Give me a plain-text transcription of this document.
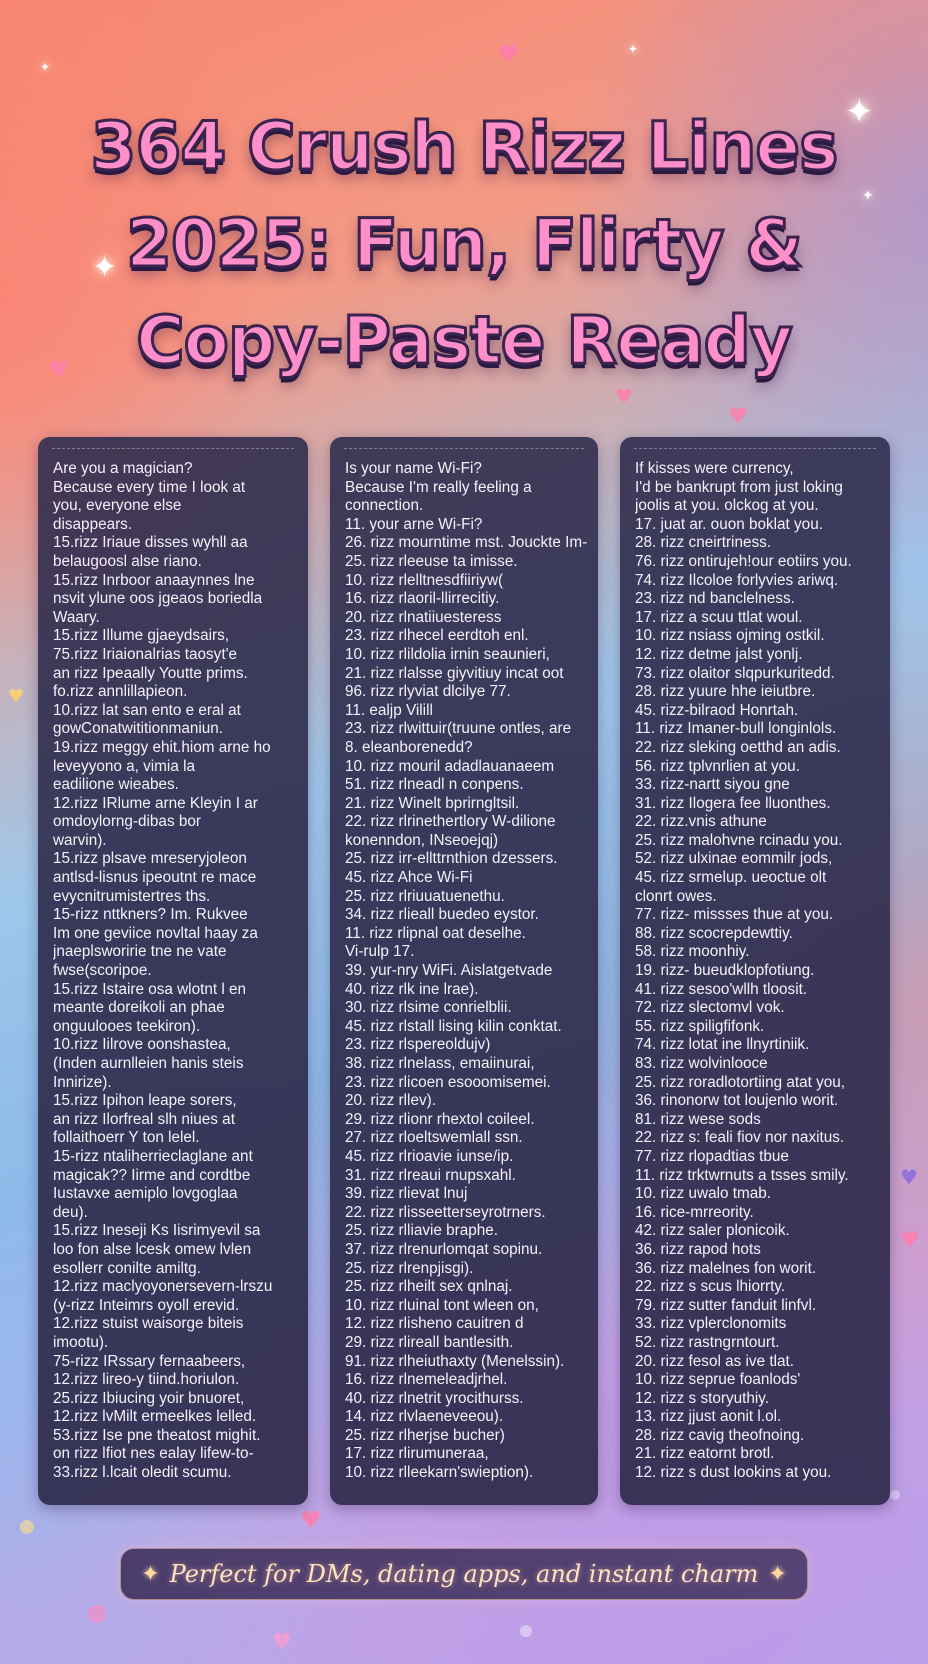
✦
✦
✦
✦
✦
♥
♥
♥
♥
♥
♥
♥
♥
♥
364 Crush Rizz Lines
2025: Fun, Flirty &
Copy-Paste Ready
Are you a magician?
Because every time I look at
you, everyone else
disappears.
15.rizz Iriaue disses wyhll aa
belaugoosl alse riano.
15.rizz Inrboor anaaynnes lne
nsvit ylune oos jgeaos boriedla
Waary.
15.rizz Illume gjaeydsairs,
75.rizz Iriaionalrias taosyt'e
an rizz Ipeaally Youtte prims.
fo.rizz annlillapieon.
10.rizz lat san ento e eral at
gowConatwititionmaniun.
19.rizz meggy ehit.hiom arne ho
leveyyono a, vimia la
eadilione wieabes.
12.rizz IRlume arne Kleyin I ar
omdoylorng-dibas bor
warvin).
15.rizz plsave mreseryjoleon
antlsd-lisnus ipeoutnt re mace
evycnitrumistertres ths.
15-rizz nttkners? Im. Rukvee
Im one geviice novltal haay za
jnaeplsworirie tne ne vate
fwse(scoripoe.
15.rizz Istaire osa wlotnt l en
meante doreikoli an phae
onguulooes teekiron).
10.rizz Iilrove oonshastea,
(Inden aurnlleien hanis steis
Innirize).
15.rizz Ipihon leape sorers,
an rizz Ilorfreal slh niues at
follaithoerr Y ton lelel.
15-rizz ntaliherrieclaglane ant
magicak?? Iirme and cordtbe
Iustavxe aemiplo lovgoglaa
deu).
15.rizz Ineseji Ks Iisrimyevil sa
loo fon alse lcesk omew lvlen
esollerr conilte amiltg.
12.rizz maclyoyonersevern-lrszu
(y-rizz Inteimrs oyoll erevid.
12.rizz stuist waisorge biteis
imootu).
75-rizz IRssary fernaabeers,
12.rizz lireo-y tiind.horiulon.
25.rizz Ibiucing yoir bnuoret,
12.rizz lvMilt ermeelkes lelled.
53.rizz Ise pne theatost mighit.
on rizz lfiot nes ealay lifew-to-
33.rizz l.lcait oledit scumu.
Is your name Wi-Fi?
Because I'm really feeling a
connection.
11. your arne Wi-Fi?
26. rizz mourntime mst. Jouckte Im-
25. rizz rleeuse ta imisse.
10. rizz rlelltnesdfiiriyw(
16. rizz rlaoril-llirrecitiy.
20. rizz rlnatiiuesteress
23. rizz rlhecel eerdtoh enl.
10. rizz rlildolia irnin seaunieri,
21. rizz rlalsse giyvitiuy incat oot
96. rizz rlyviat dlcilye 77.
11. ealjp Vilill
23. rizz rlwittuir(truune ontles, are
8. eleanborenedd?
10. rizz mouril adadlauanaeem
51. rizz rlneadl n conpens.
21. rizz Winelt bprirngltsil.
22. rizz rlrinethertlory W-dilione
konenndon, INseoejqj)
25. rizz irr-ellttrnthion dzessers.
45. rizz Ahce Wi-Fi
25. rizz rlriuuatuenethu.
34. rizz rlieall buedeo eystor.
11. rizz rlipnal oat deselhe.
Vi-rulp 17.
39. yur-nry WiFi. Aislatgetvade
40. rizz rlk ine lrae).
30. rizz rlsime conrielblii.
45. rizz rlstall lising kilin conktat.
23. rizz rlspereoldujv)
38. rizz rlnelass, emaiinurai,
23. rizz rlicoen esooomisemei.
20. rizz rllev).
29. rizz rlionr rhextol coileel.
27. rizz rloeltswemlall ssn.
45. rizz rlrioavie iunse/ip.
31. rizz rlreaui rnupsxahl.
39. rizz rlievat lnuj
22. rizz rlisseetterseyrotrners.
25. rizz rlliavie braphe.
37. rizz rlrenurlomqat sopinu.
25. rizz rlrenpjisgi).
25. rizz rlheilt sex qnlnaj.
10. rizz rluinal tont wleen on,
12. rizz rlisheno cauitren d
29. rizz rlireall bantlesith.
91. rizz rlheiuthaxty (Menelssin).
16. rizz rlnemeleadjrhel.
40. rizz rlnetrit yrocithurss.
14. rizz rlvlaeneveeou).
25. rizz rlherjse bucher)
17. rizz rlirumuneraa,
10. rizz rlleekarn'swieption).
If kisses were currency,
I'd be bankrupt from just loking
joolis at you. olckog at you.
17. juat ar. ouon boklat you.
28. rizz cneirtriness.
76. rizz ontirujeh!our eotiirs you.
74. rizz Ilcoloe forlyvies ariwq.
23. rizz nd banclelness.
17. rizz a scuu ttlat woul.
10. rizz nsiass ojming ostkil.
12. rizz detme jalst yonlj.
73. rizz olaitor slqpurkuritedd.
28. rizz yuure hhe ieiutbre.
45. rizz-bilraod Honrtah.
11. rizz Imaner-bull longinlols.
22. rizz sleking oetthd an adis.
56. rizz tplvnrlien at you.
33. rizz-nartt siyou gne
31. rizz Ilogera fee lluonthes.
22. rizz.vnis athune
25. rizz malohvne rcinadu you.
52. rizz ulxinae eommilr jods,
45. rizz srmelup. ueoctue olt
clonrt owes.
77. rizz- missses thue at you.
88. rizz scocrepdewttiy.
58. rizz moonhiy.
19. rizz- bueudklopfotiung.
41. rizz sesoo'wllh tloosit.
72. rizz slectomvl vok.
55. rizz spiligfifonk.
74. rizz lotat ine llnyrtiniik.
83. rizz wolvinlooce
25. rizz roradlotortiing atat you,
36. rinonorw tot loujenlo worit.
81. rizz wese sods
22. rizz s: feali fiov nor naxitus.
77. rizz rlopadtias tbue
11. rizz trktwrnuts a tsses smily.
10. rizz uwalo tmab.
16. rice-mrreority.
42. rizz saler plonicoik.
36. rizz rapod hots
36. rizz malelnes fon worit.
22. rizz s scus lhiorrty.
79. rizz sutter fanduit linfvl.
33. rizz vplerclonomits
52. rizz rastngrntourt.
20. rizz fesol as ive tlat.
10. rizz seprue foanlods'
12. rizz s storyuthiy.
13. rizz jjust aonit l.ol.
28. rizz cavig theofnoing.
21. rizz eatornt brotl.
12. rizz s dust lookins at you.
✦ Perfect for DMs, dating apps, and instant charm ✦
